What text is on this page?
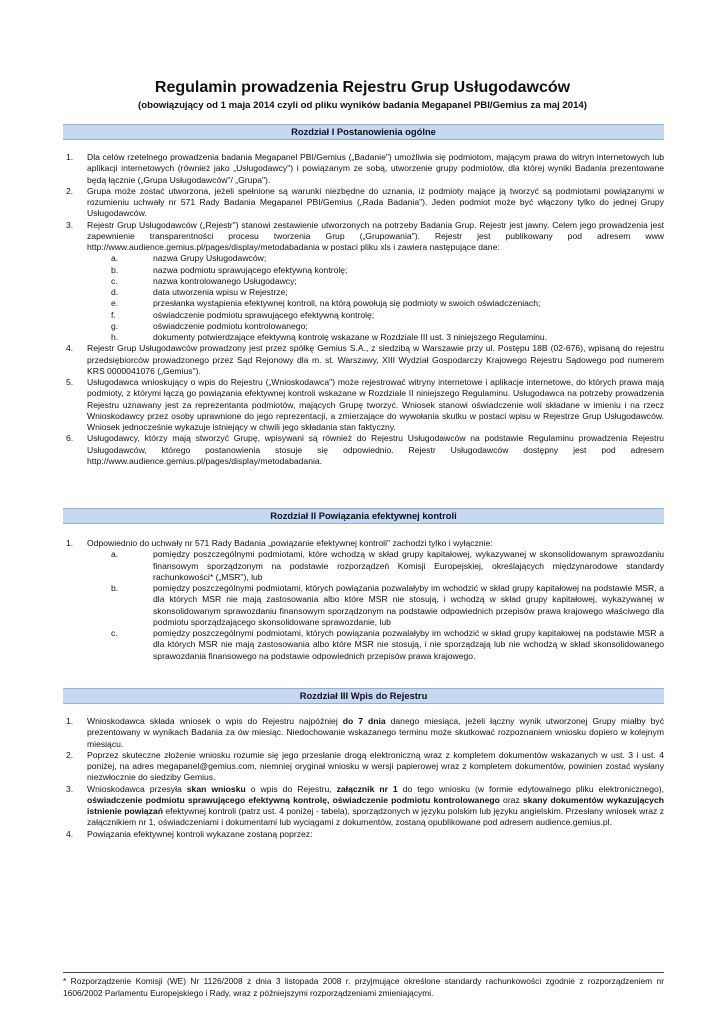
Regulamin prowadzenia Rejestru Grup Usługodawców

(obowiązujący od 1 maja 2014 czyli od pliku wyników badania Megapanel PBI/Gemius za maj 2014)

Rozdział I Postanowienia ogólne
1. Dla celów rzetelnego prowadzenia badania Megapanel PBI/Gemius („Badanie") umożliwia się podmiotom, mającym prawa do witryn internetowych lub aplikacji internetowych (również jako „Usługodawcy") i powiązanym ze sobą, utworzenie grupy podmiotów, dla której wyniki Badania prezentowane będą łącznie („Grupa Usługodawców"/ „Grupa").
2. Grupa może zostać utworzona, jeżeli spełnione są warunki niezbędne do uznania, iż podmioty mające ją tworzyć są podmiotami powiązanymi w rozumieniu uchwały nr 571 Rady Badania Megapanel PBI/Gemius („Rada Badania"). Jeden podmiot może być włączony tylko do jednej Grupy Usługodawców.
3. Rejestr Grup Usługodawców („Rejestr") stanowi zestawienie utworzonych na potrzeby Badania Grup. Rejestr jest jawny. Celem jego prowadzenia jest zapewnienie transparentności procesu tworzenia Grup („Grupowania"). Rejestr jest publikowany pod adresem www http://www.audience.gemius.pl/pages/display/metodabadania w postaci pliku xls i zawiera następujące dane:
a.	nazwa Grupy Usługodawców;
b.	nazwa podmiotu sprawującego efektywną kontrolę;
c.	nazwa kontrolowanego Usługodawcy;
d.	data utworzenia wpisu w Rejestrze;
e.	przesłanka wystąpienia efektywnej kontroli, na którą powołują się podmioty w swoich oświadczeniach;
f.	oświadczenie podmiotu sprawującego efektywną kontrolę;
g.	oświadczenie podmiotu kontrolowanego;
h.	dokumenty potwierdzające efektywną kontrolę wskazane w Rozdziale III ust. 3 niniejszego Regulaminu.
4. Rejestr Grup Usługodawców prowadzony jest przez spółkę Gemius S.A., z siedzibą w Warszawie przy ul. Postępu 18B (02-676), wpisaną do rejestru przedsiębiorców prowadzonego przez Sąd Rejonowy dla m. st. Warszawy, XIII Wydział Gospodarczy Krajowego Rejestru Sądowego pod numerem KRS 0000041076 („Gemius").
5. Usługodawca wnioskujący o wpis do Rejestru („Wnioskodawca") może rejestrować witryny internetowe i aplikacje internetowe, do których prawa mają podmioty, z którymi łączą go powiązania efektywnej kontroli wskazane w Rozdziale II niniejszego Regulaminu. Usługodawca na potrzeby prowadzenia Rejestru uznawany jest za reprezentanta podmiotów, mających Grupę tworzyć. Wniosek stanowi oświadczenie woli składane w imieniu i na rzecz Wnioskodawcy przez osoby uprawnione do jego reprezentacji, a zmierzające do wywołania skutku w postaci wpisu w Rejestrze Grup Usługodawców. Wniosek jednocześnie wykazuje istniejący w chwili jego składania stan faktyczny.
6. Usługodawcy, którzy mają stworzyć Grupę, wpisywani są również do Rejestru Usługodawców na podstawie Regulaminu prowadzenia Rejestru Usługodawców, którego postanowienia stosuje się odpowiednio. Rejestr Usługodawców dostępny jest pod adresem http://www.audience.gemius.pl/pages/display/metodabadania.
Rozdział II Powiązania efektywnej kontroli
1. Odpowiednio do uchwały nr 571 Rady Badania „powiązanie efektywnej kontroli" zachodzi tylko i wyłącznie:
a.	pomiędzy poszczególnymi podmiotami, które wchodzą w skład grupy kapitałowej, wykazywanej w skonsolidowanym sprawozdaniu finansowym sporządzonym na podstawie rozporządzeń Komisji Europejskiej, określających międzynarodowe standardy rachunkowości* („MSR"), lub
b.	pomiędzy poszczególnymi podmiotami, których powiązania pozwalałyby im wchodzić w skład grupy kapitałowej na podstawie MSR, a dla których MSR nie mają zastosowania albo które MSR nie stosują, i wchodzą w skład grupy kapitałowej, wykazywanej w skonsolidowanym sprawozdaniu finansowym sporządzonym na podstawie odpowiednich przepisów prawa krajowego właściwego dla podmiotu sporządzającego skonsolidowane sprawozdanie, lub
c.	pomiędzy poszczególnymi podmiotami, których powiązania pozwalałyby im wchodzić w skład grupy kapitałowej na podstawie MSR a dla których MSR nie mają zastosowania albo które MSR nie stosują, i nie sporządzają lub nie wchodzą w skład skonsolidowanego sprawozdania finansowego na podstawie odpowiednich przepisów prawa krajowego.
Rozdział III Wpis do Rejestru
1. Wnioskodawca składa wniosek o wpis do Rejestru najpóźniej do 7 dnia danego miesiąca, jeżeli łączny wynik utworzonej Grupy miałby być prezentowany w wynikach Badania za ów miesiąc. Niedochowanie wskazanego terminu może skutkować rozpoznaniem wniosku dopiero w kolejnym miesiącu.
2. Poprzez skuteczne złożenie wniosku rozumie się jego przesłanie drogą elektroniczną wraz z kompletem dokumentów wskazanych w ust. 3 i ust. 4 poniżej, na adres megapanel@gemius.com, niemniej oryginał wniosku w wersji papierowej wraz z kompletem dokumentów, powinien zostać wysłany niezwłocznie do siedziby Gemius.
3. Wnioskodawca przesyła skan wniosku o wpis do Rejestru, załącznik nr 1 do tego wniosku (w formie edytowalnego pliku elektronicznego), oświadczenie podmiotu sprawującego efektywną kontrolę, oświadczenie podmiotu kontrolowanego oraz skany dokumentów wykazujących istnienie powiązań efektywnej kontroli (patrz ust. 4 poniżej - tabela), sporządzonych w języku polskim lub języku angielskim. Przesłany wniosek wraz z załącznikiem nr 1, oświadczeniami i dokumentami lub wyciągami z dokumentów, zostaną opublikowane pod adresem audience.gemius.pl.
4. Powiązania efektywnej kontroli wykazane zostaną poprzez:

* Rozporządzenie Komisji (WE) Nr 1126/2008 z dnia 3 listopada 2008 r. przyjmujące określone standardy rachunkowości zgodnie z rozporządzeniem nr 1606/2002 Parlamentu Europejskiego i Rady, wraz z późniejszymi rozporządzeniami zmieniającymi.
